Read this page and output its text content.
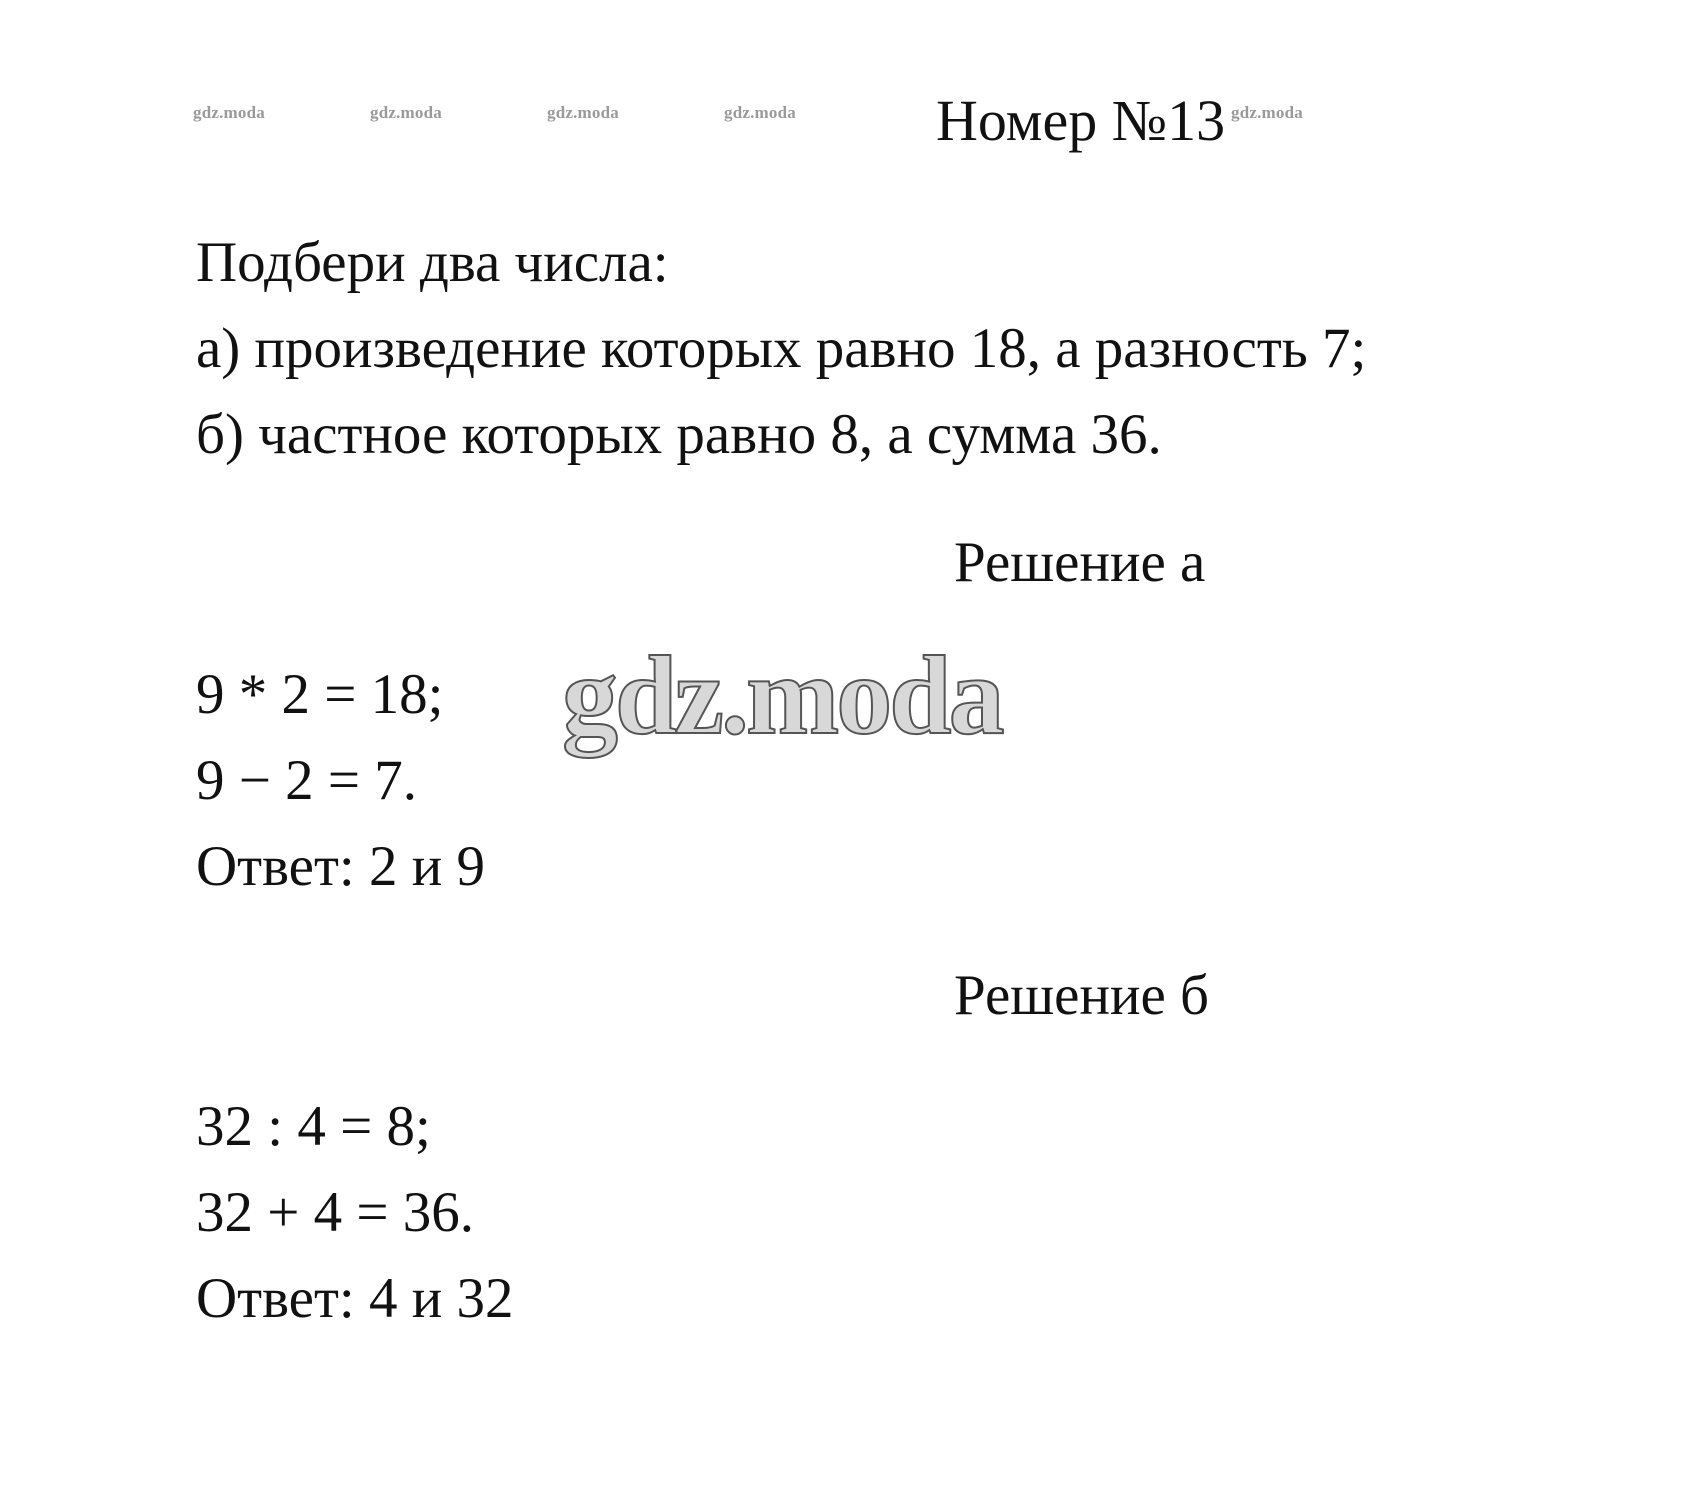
gdz.moda	gdz.moda	gdz.moda	gdz.moda	gdz.moda
Номер №13
Подбери два числа:
а) произведение которых равно 18, а разность 7;
б) частное которых равно 8, а сумма 36.
Решение а
9 * 2 = 18;
9 − 2 = 7.
Ответ: 2 и 9
gdz.moda
Решение б
32 : 4 = 8;
32 + 4 = 36.
Ответ: 4 и 32
